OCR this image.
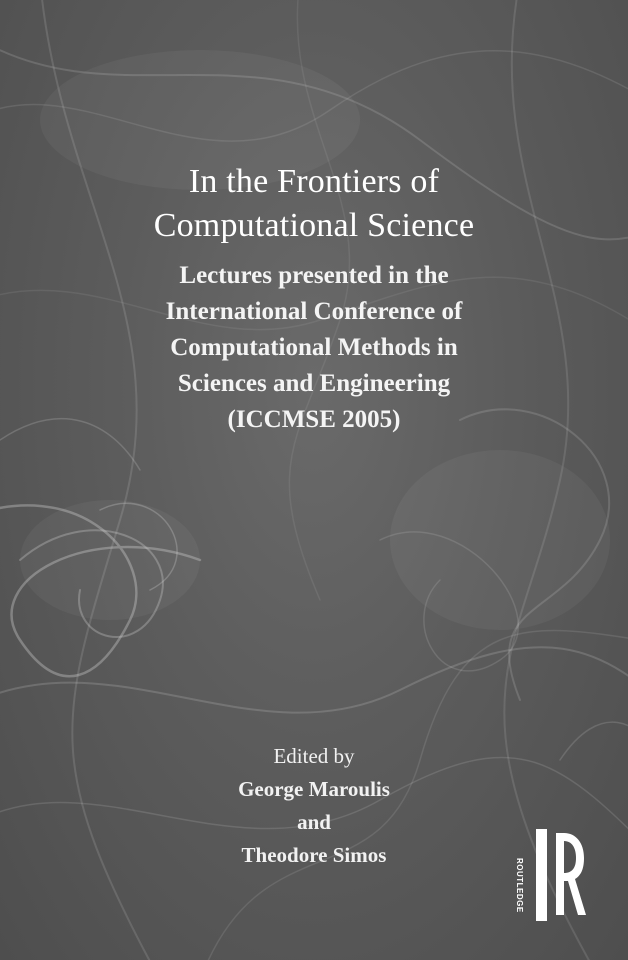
In the Frontiers of
Computational Science
Lectures presented in the
International Conference of
Computational Methods in
Sciences and Engineering
(ICCMSE 2005)
Edited by
George Maroulis
and
Theodore Simos
ROUTLEDGE
